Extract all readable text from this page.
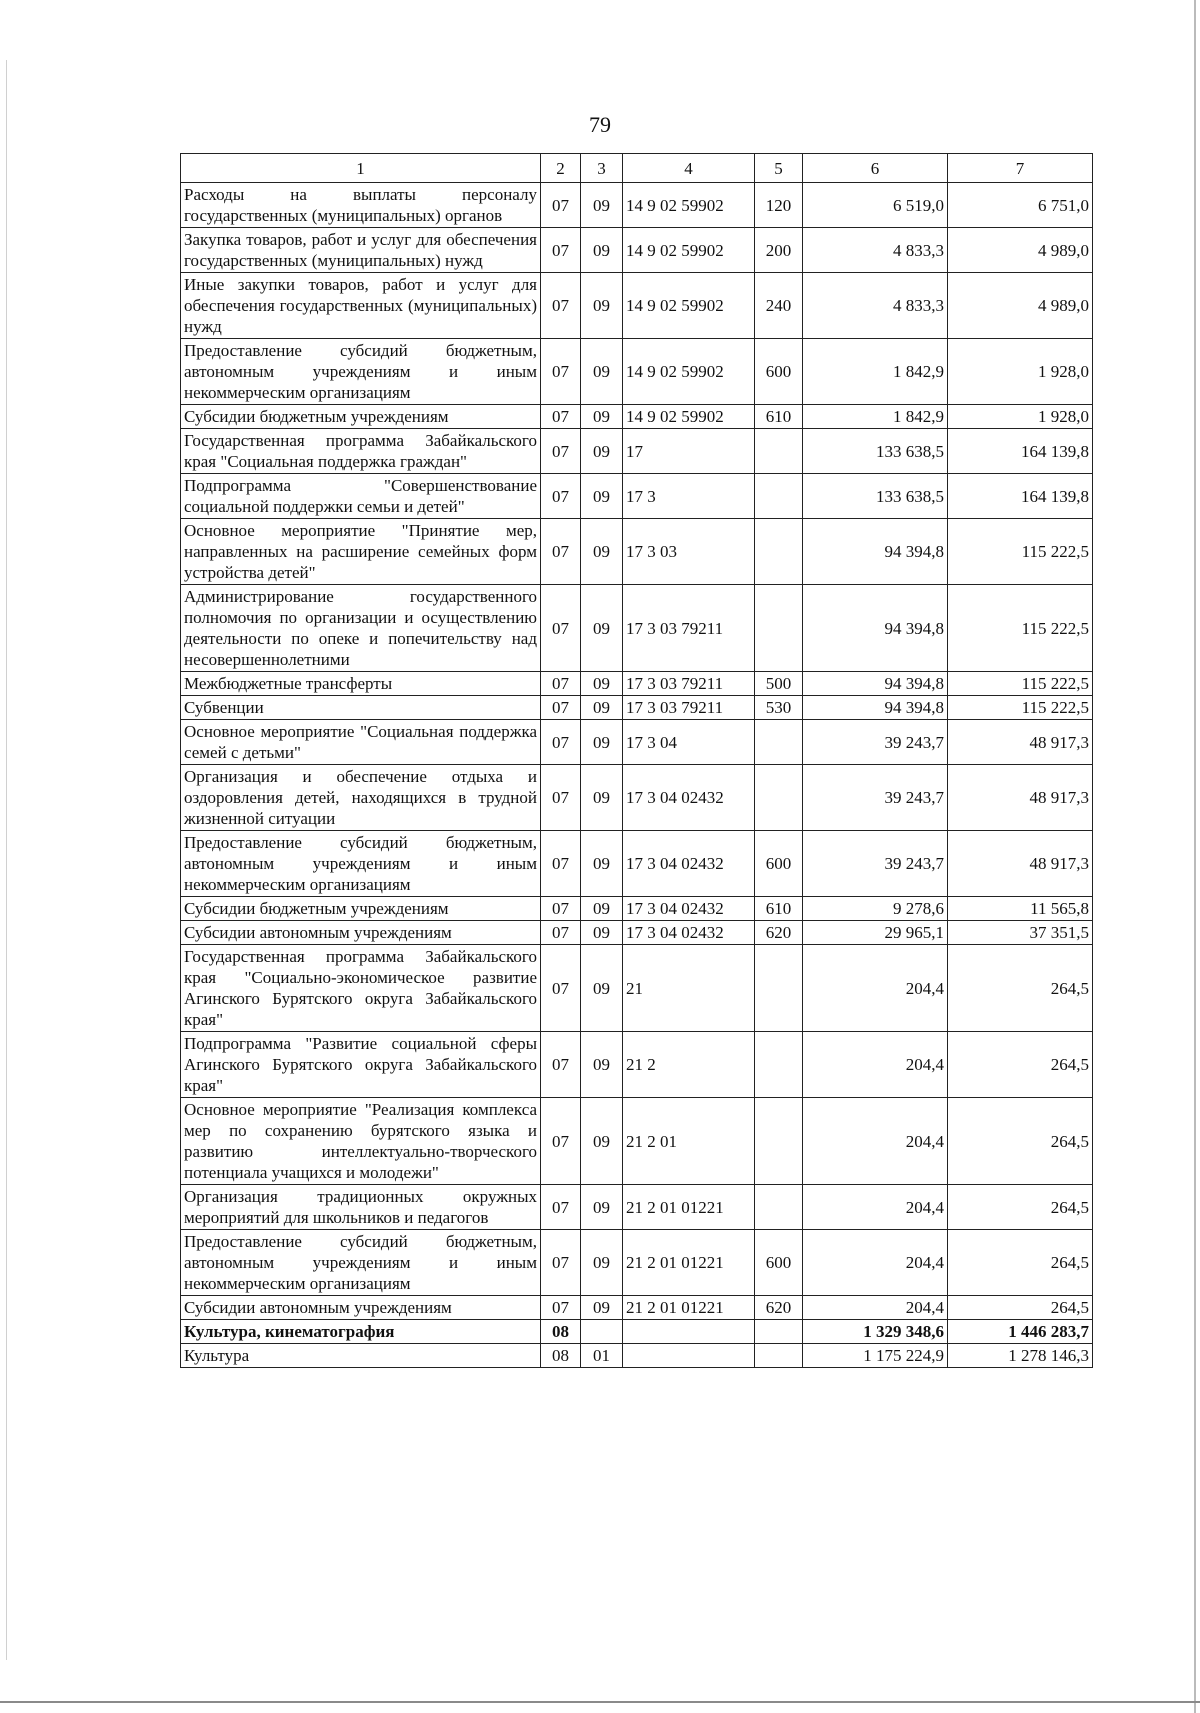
79
1	2	3	4	5	6	7
Расходы на выплаты персоналу государственных (муниципальных) органов	07	09	14 9 02 59902	120	6 519,0	6 751,0
Закупка товаров, работ и услуг для обеспечения государственных (муниципальных) нужд	07	09	14 9 02 59902	200	4 833,3	4 989,0
Иные закупки товаров, работ и услуг для обеспечения государственных (муниципальных) нужд	07	09	14 9 02 59902	240	4 833,3	4 989,0
Предоставление субсидий бюджетным, автономным учреждениям и иным некоммерческим организациям	07	09	14 9 02 59902	600	1 842,9	1 928,0
Субсидии бюджетным учреждениям	07	09	14 9 02 59902	610	1 842,9	1 928,0
Государственная программа Забайкальского края "Социальная поддержка граждан"	07	09	17		133 638,5	164 139,8
Подпрограмма "Совершенствование социальной поддержки семьи и детей"	07	09	17 3		133 638,5	164 139,8
Основное мероприятие "Принятие мер, направленных на расширение семейных форм устройства детей"	07	09	17 3 03		94 394,8	115 222,5
Администрирование государственного полномочия по организации и осуществлению деятельности по опеке и попечительству над несовершеннолетними	07	09	17 3 03 79211		94 394,8	115 222,5
Межбюджетные трансферты	07	09	17 3 03 79211	500	94 394,8	115 222,5
Субвенции	07	09	17 3 03 79211	530	94 394,8	115 222,5
Основное мероприятие "Социальная поддержка семей с детьми"	07	09	17 3 04		39 243,7	48 917,3
Организация и обеспечение отдыха и оздоровления детей, находящихся в трудной жизненной ситуации	07	09	17 3 04 02432		39 243,7	48 917,3
Предоставление субсидий бюджетным, автономным учреждениям и иным некоммерческим организациям	07	09	17 3 04 02432	600	39 243,7	48 917,3
Субсидии бюджетным учреждениям	07	09	17 3 04 02432	610	9 278,6	11 565,8
Субсидии автономным учреждениям	07	09	17 3 04 02432	620	29 965,1	37 351,5
Государственная программа Забайкальского края "Социально-экономическое развитие Агинского Бурятского округа Забайкальского края"	07	09	21		204,4	264,5
Подпрограмма "Развитие социальной сферы Агинского Бурятского округа Забайкальского края"	07	09	21 2		204,4	264,5
Основное мероприятие "Реализация комплекса мер по сохранению бурятского языка и развитию интеллектуально-творческого потенциала учащихся и молодежи"	07	09	21 2 01		204,4	264,5
Организация традиционных окружных мероприятий для школьников и педагогов	07	09	21 2 01 01221		204,4	264,5
Предоставление субсидий бюджетным, автономным учреждениям и иным некоммерческим организациям	07	09	21 2 01 01221	600	204,4	264,5
Субсидии автономным учреждениям	07	09	21 2 01 01221	620	204,4	264,5
Культура, кинематография	08				1 329 348,6	1 446 283,7
Культура	08	01			1 175 224,9	1 278 146,3
